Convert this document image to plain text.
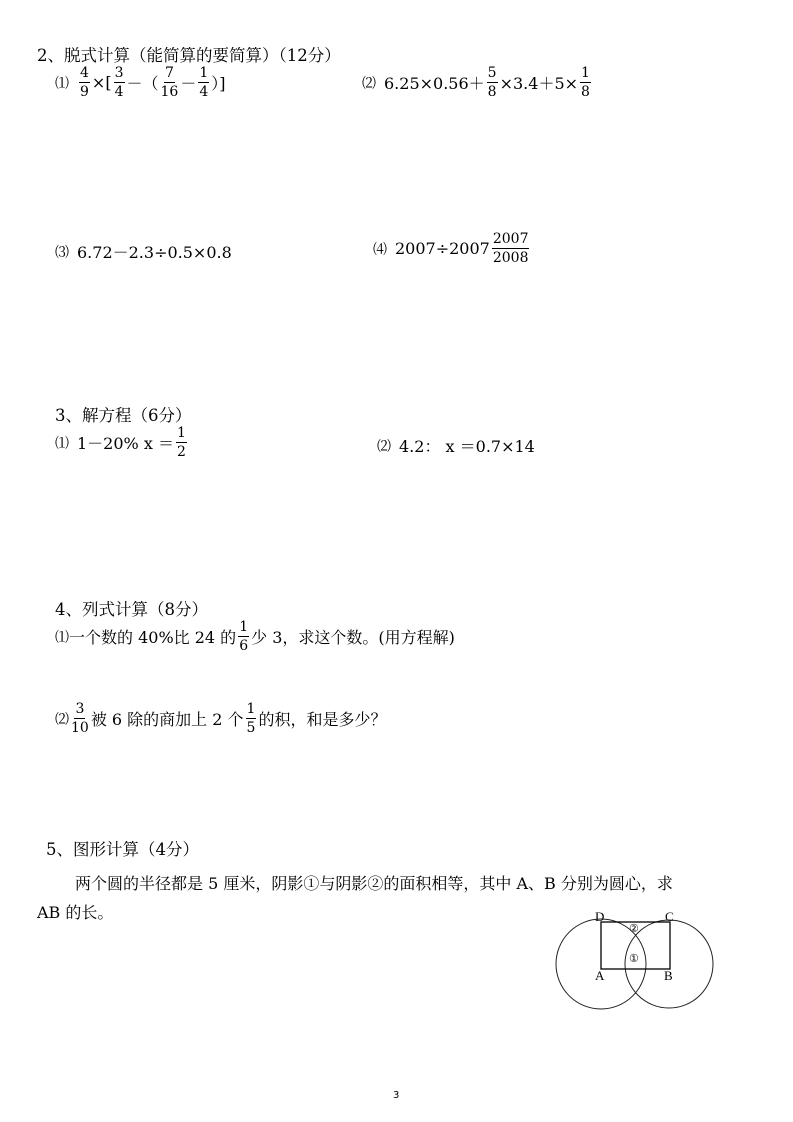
2、脱式计算（能简算的要简算）（12分）
⑴ $\frac{4}{9}$ ×[ $\frac{3}{4}$ －（ $\frac{7}{16} - \frac{1}{4}$ ）]	⑵ $6.25\times 0.56+ \frac{5}{8} \times 3.4+5\times \frac{1}{8}$
⑶ 6.72－2.3÷0.5×0.8	⑷ $2007\div 2007 \frac{2007}{2008}$
3、解方程（6分）
⑴ 1－20% $x = \frac{1}{2}$	⑵ 4.2： x ＝0.7×14
4、列式计算（8分）
⑴ 一个数的 40%比 24 的 $\frac{1}{6}$ 少 3，求这个数。(用方程解)
⑵ $\frac{3}{10}$ 被 6 除的商加上 2 个 $\frac{1}{5}$ 的积，和是多少？
5、图形计算（4分）
两个圆的半径都是 5 厘米，阴影①与阴影②的面积相等，其中 A、B 分别为圆心，求
AB 的长。	D	C
A	B
②
①
3
